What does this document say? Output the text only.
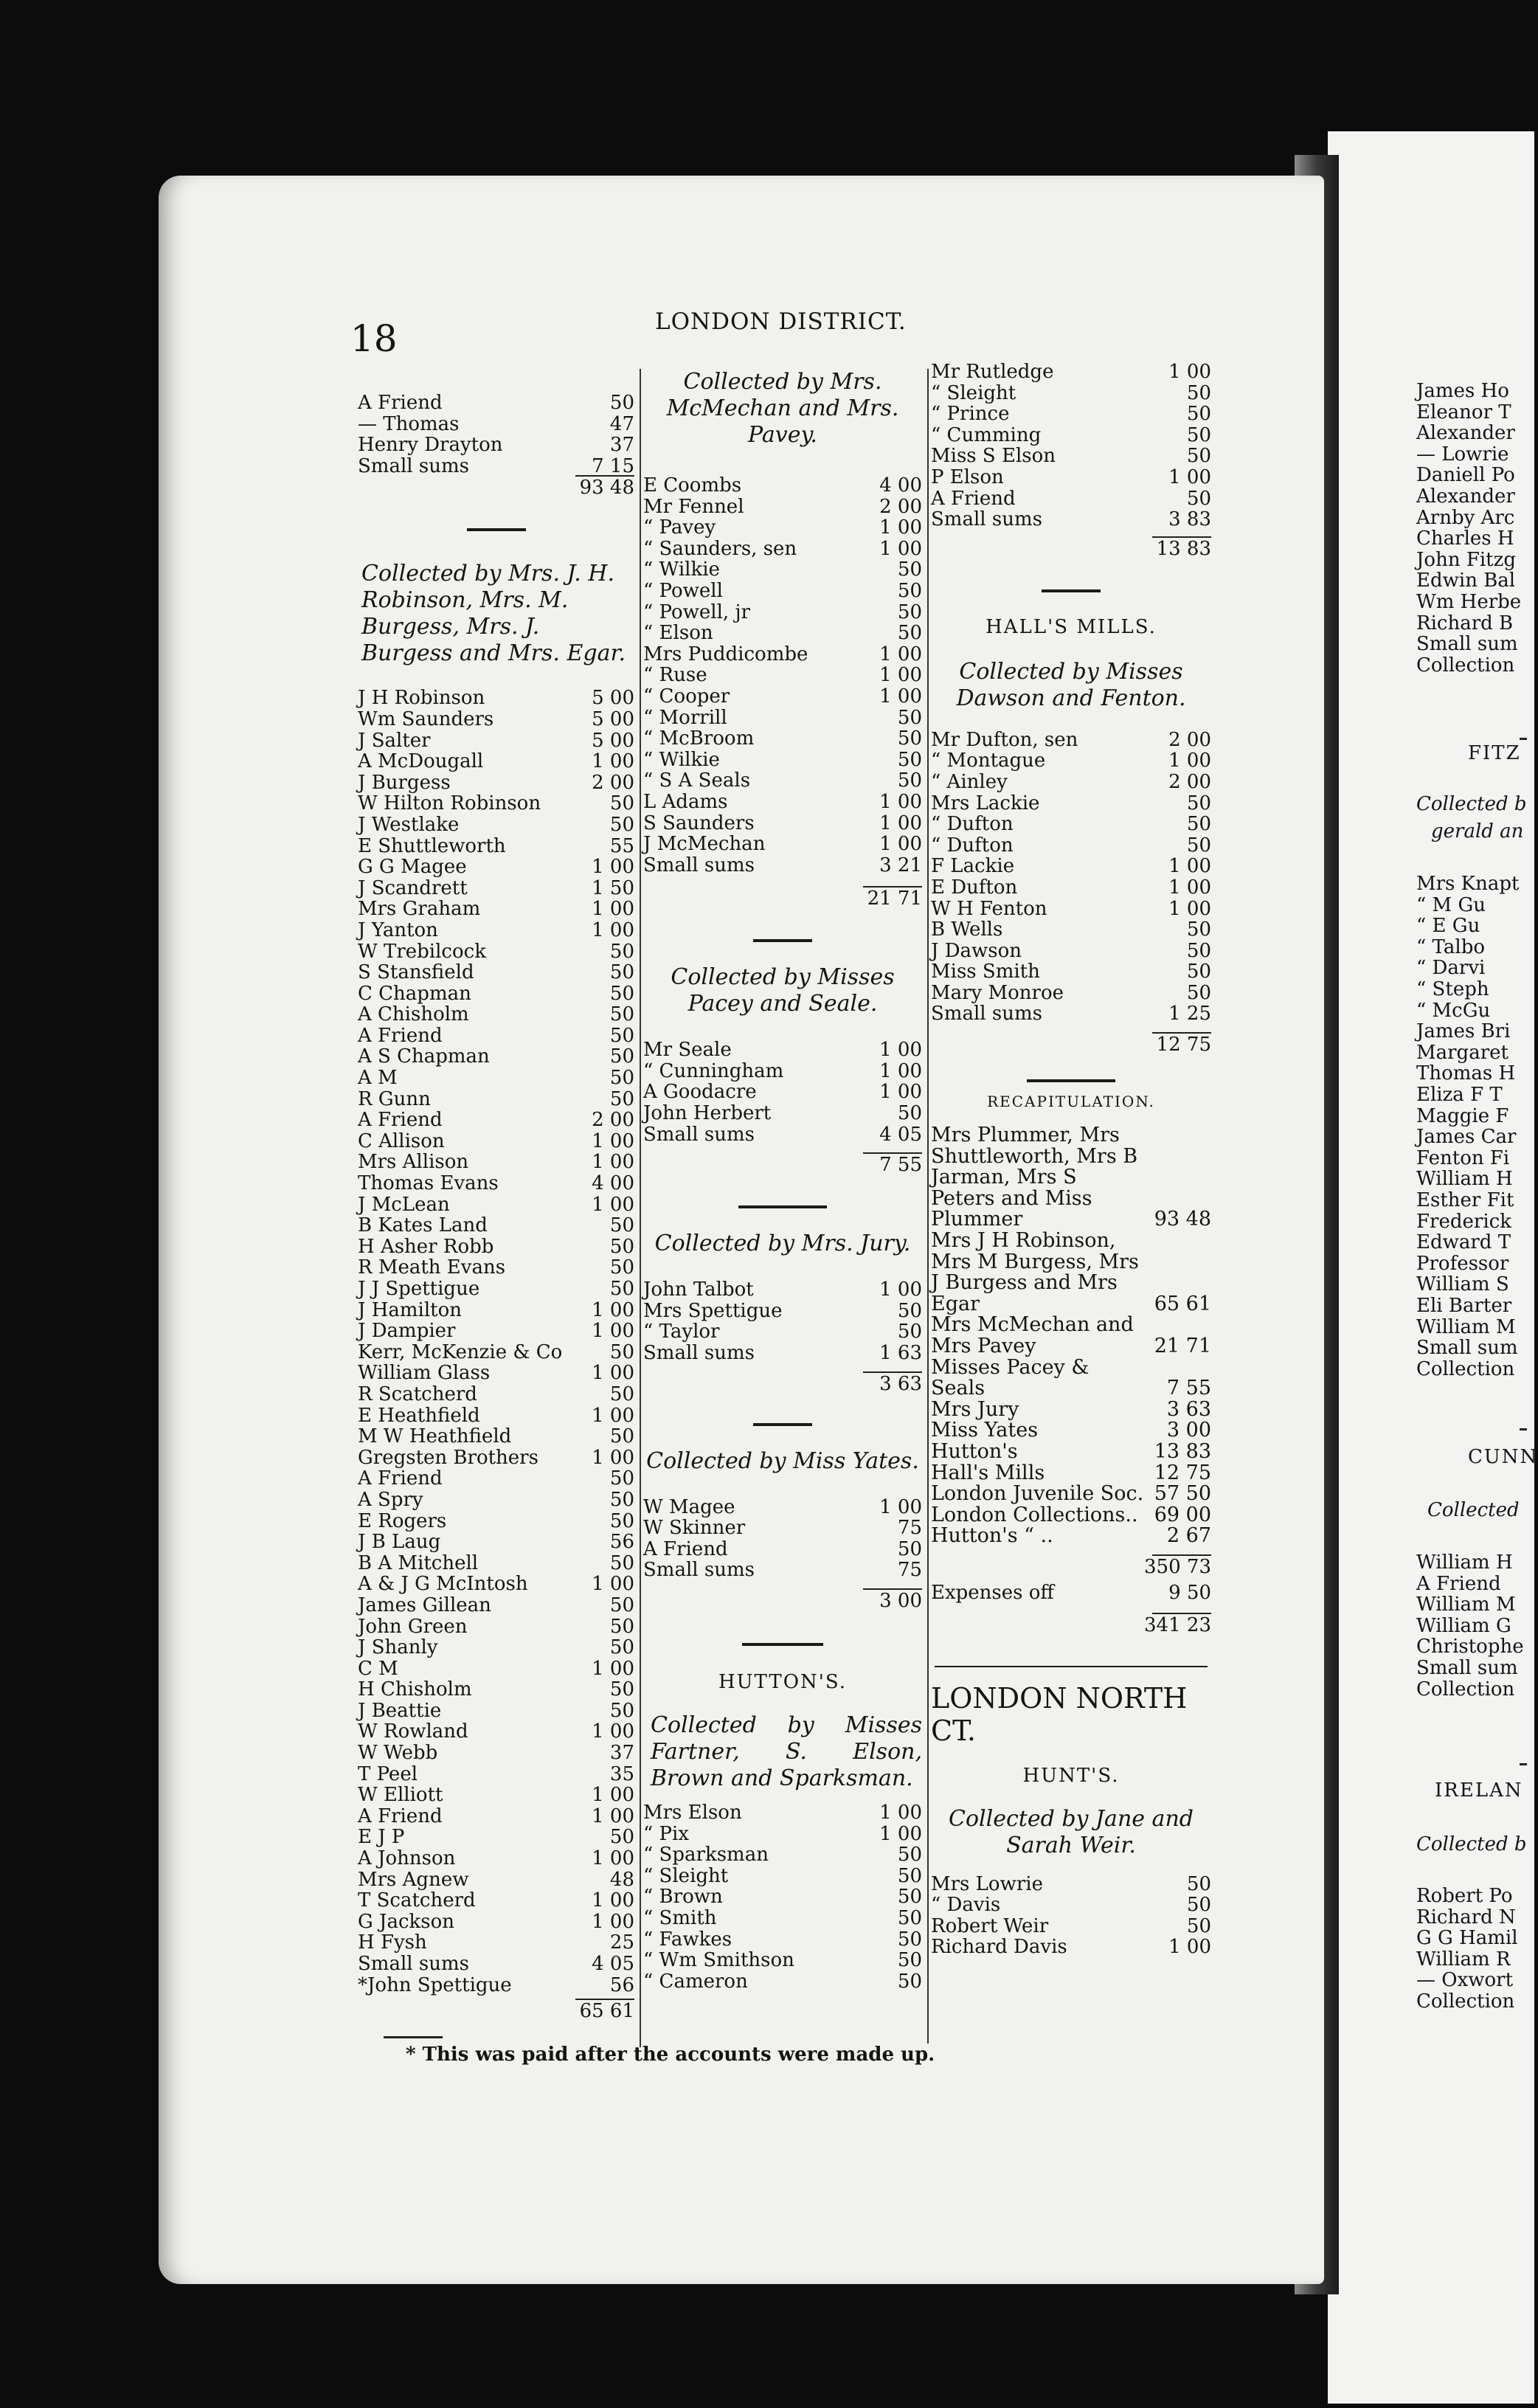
18	LONDON DISTRICT.
A Friend	50
— Thomas	47
Henry Drayton	37
Small sums	7 15
93 48
Collected by Mrs. J. H. Robinson, Mrs. M. Burgess, Mrs. J. Burgess and Mrs. Egar.
J H Robinson	5 00
Wm Saunders	5 00
J Salter	5 00
A McDougall	1 00
J Burgess	2 00
W Hilton Robinson	50
J Westlake	50
E Shuttleworth	55
G G Magee	1 00
J Scandrett	1 50
Mrs Graham	1 00
J Yanton	1 00
W Trebilcock	50
S Stansfield	50
C Chapman	50
A Chisholm	50
A Friend	50
A S Chapman	50
A M	50
R Gunn	50
A Friend	2 00
C Allison	1 00
Mrs Allison	1 00
Thomas Evans	4 00
J McLean	1 00
B Kates Land	50
H Asher Robb	50
R Meath Evans	50
J J Spettigue	50
J Hamilton	1 00
J Dampier	1 00
Kerr, McKenzie & Co 50
William Glass	1 00
R Scatcherd	50
E Heathfield	1 00
M W Heathfield	50
Gregsten Brothers	1 00
A Friend	50
A Spry	50
E Rogers	50
J B Laug	56
B A Mitchell	50
A & J G McIntosh	1 00
James Gillean	50
John Green	50
J Shanly	50
C M	1 00
H Chisholm	50
J Beattie	50
W Rowland	1 00
W Webb	37
T Peel	35
W Elliott	1 00
A Friend	1 00
E J P	50
A Johnson	1 00
Mrs Agnew	48
T Scatcherd	1 00
G Jackson	1 00
H Fysh	25
Small sums	4 05
*John Spettigue	56
65 61
Collected by Mrs. McMechan and Mrs. Pavey.
E Coombs	4 00
Mr Fennel	2 00
“ Pavey	1 00
“ Saunders, sen	1 00
“ Wilkie	50
“ Powell	50
“ Powell, jr	50
“ Elson	50
Mrs Puddicombe	1 00
“ Ruse	1 00
“ Cooper	1 00
“ Morrill	50
“ McBroom	50
“ Wilkie	50
“ S A Seals	50
L Adams	1 00
S Saunders	1 00
J McMechan	1 00
Small sums	3 21
21 71
Collected by Misses Pacey and Seale.
Mr Seale	1 00
“ Cunningham	1 00
A Goodacre	1 00
John Herbert	50
Small sums	4 05
7 55
Collected by Mrs. Jury.
John Talbot	1 00
Mrs Spettigue	50
“ Taylor	50
Small sums	1 63
3 63
Collected by Miss Yates.
W Magee	1 00
W Skinner	75
A Friend	50
Small sums	75
3 00
HUTTON'S.
Collected by Misses Fartner, S. Elson, Brown and Sparksman.
Mrs Elson	1 00
“ Pix	1 00
“ Sparksman	50
“ Sleight	50
“ Brown	50
“ Smith	50
“ Fawkes	50
“ Wm Smithson	50
“ Cameron	50
Mr Rutledge	1 00
“ Sleight	50
“ Prince	50
“ Cumming	50
Miss S Elson	50
P Elson	1 00
A Friend	50
Small sums	3 83
13 83
HALL'S MILLS.
Collected by Misses Dawson and Fenton.
Mr Dufton, sen	2 00
“ Montague	1 00
“ Ainley	2 00
Mrs Lackie	50
“ Dufton	50
“ Dufton	50
F Lackie	1 00
E Dufton	1 00
W H Fenton	1 00
B Wells	50
J Dawson	50
Miss Smith	50
Mary Monroe	50
Small sums	1 25
12 75
RECAPITULATION.
Mrs Plummer, Mrs Shuttleworth, Mrs B Jarman, Mrs S Peters and Miss Plummer	93 48
Mrs J H Robinson, Mrs M Burgess, Mrs J Burgess and Mrs Egar	65 61
Mrs McMechan and Mrs Pavey	21 71
Misses Pacey & Seals	7 55
Mrs Jury	3 63
Miss Yates	3 00
Hutton's	13 83
Hall's Mills	12 75
London Juvenile Soc. 57 50
London Collections.. 69 00
Hutton's “ ..	2 67
350 73
Expenses off	9 50
341 23
LONDON NORTH CT.
HUNT'S.
Collected by Jane and Sarah Weir.
Mrs Lowrie	50
“ Davis	50
Robert Weir	50
Richard Davis	1 00
* This was paid after the accounts were made up.
James Ho
Eleanor T
Alexander
— Lowrie
Daniell Po
Alexander
Arnby Arc
Charles H
John Fitzg
Edwin Bal
Wm Herbe
Richard B
Small sum
Collection
FITZ
Collected b
gerald an
Mrs Knapt
“ M Gu
“ E Gu
“ Talbo
“ Darvi
“ Steph
“ McGu
James Bri
Margaret
Thomas H
Eliza F T
Maggie F
James Car
Fenton Fi
William H
Esther Fit
Frederick
Edward T
Professor
William S
Eli Barter
William M
Small sum
Collection
CUNN
Collected
William H
A Friend
William M
William G
Christophe
Small sum
Collection
IRELAN
Collected b
Robert Po
Richard N
G G Hamil
William R
— Oxwort
Collection
